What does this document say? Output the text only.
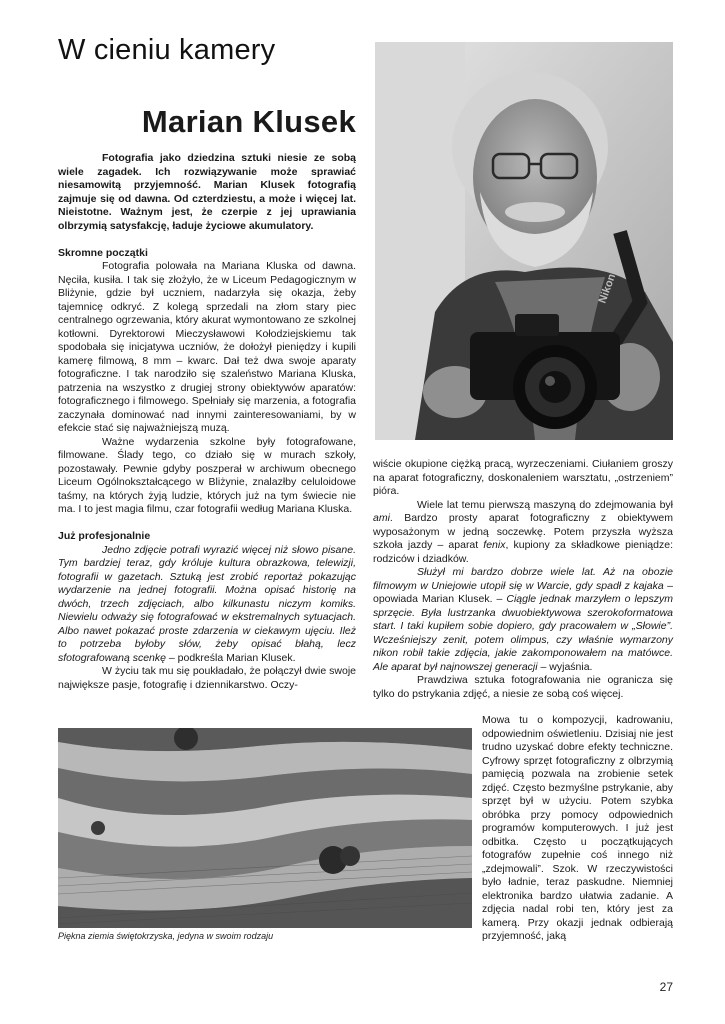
W cieniu kamery
Marian Klusek
Nikon

Fotografia jako dziedzina sztuki niesie ze sobą wiele zagadek. Ich rozwiązywanie może sprawiać niesamowitą przyjemność. Marian Klusek fotografią zajmuje się od dawna. Od czterdziestu, a może i więcej lat. Nieistotne. Ważnym jest, że czerpie z jej uprawiania olbrzymią satysfakcję, ładuje życiowe akumulatory.

Skromne początki

Fotografia polowała na Mariana Kluska od dawna. Nęciła, kusiła. I tak się złożyło, że w Liceum Pedagogicznym w Bliżynie, gdzie był uczniem, nadarzyła się okazja, żeby tajemnicę odkryć. Z kolegą sprzedali na złom stary piec centralnego ogrzewania, który akurat wymontowano ze szkolnej kotłowni. Dyrektorowi Mieczysławowi Kołodziejskiemu tak spodobała się inicjatywa uczniów, że dołożył pieniędzy i kupili kamerę filmową, 8 mm – kwarc. Dał też dwa swoje aparaty fotograficzne. I tak narodziło się szaleństwo Mariana Kluska, patrzenia na wszystko z drugiej strony obiektywów aparatów: fotograficznego i filmowego. Spełniały się marzenia, a fotografia zaczynała dominować nad innymi zainteresowaniami, by w efekcie stać się najważniejszą muzą.

Ważne wydarzenia szkolne były fotografowane, filmowane. Ślady tego, co działo się w murach szkoły, pozostawały. Pewnie gdyby poszperał w archiwum obecnego Liceum Ogólnokształcącego w Bliżynie, znalazłby celuloidowe taśmy, na których żyją ludzie, których już na tym świecie nie ma. I to jest magia filmu, czar fotografii według Mariana Kluska.

Już profesjonalnie

Jedno zdjęcie potrafi wyrazić więcej niż słowo pisane. Tym bardziej teraz, gdy króluje kultura obrazkowa, telewizji, fotografii w gazetach. Sztuką jest zrobić reportaż pokazując wydarzenie na jednej fotografii. Można opisać historię na dwóch, trzech zdjęciach, albo kilkunastu niczym komiks. Niewielu odważy się fotografować w ekstremalnych sytuacjach. Albo nawet pokazać proste zdarzenia w ciekawym ujęciu. Ileż to potrzeba byłoby słów, żeby opisać błahą, lecz sfotografowaną scenkę – podkreśla Marian Klusek.

W życiu tak mu się poukładało, że połączył dwie swoje największe pasje, fotografię i dziennikarstwo. Oczy-

wiście okupione ciężką pracą, wyrzeczeniami. Ciułaniem groszy na aparat fotograficzny, doskonaleniem warsztatu, „ostrzeniem” pióra.

Wiele lat temu pierwszą maszyną do zdejmowania był ami. Bardzo prosty aparat fotograficzny z obiektywem wyposażonym w jedną soczewkę. Potem przyszła wyższa szkoła jazdy – aparat fenix, kupiony za składkowe pieniądze: rodziców i dziadków.

Służył mi bardzo dobrze wiele lat. Aż na obozie filmowym w Uniejowie utopił się w Warcie, gdy spadł z kajaka – opowiada Marian Klusek. – Ciągle jednak marzyłem o lepszym sprzęcie. Była lustrzanka dwuobiektywowa szerokoformatowa start. I taki kupiłem sobie dopiero, gdy pracowałem w „Słowie”. Wcześniejszy zenit, potem olimpus, czy właśnie wymarzony nikon robił takie zdjęcia, jakie zakomponowałem na matówce. Ale aparat był najnowszej generacji – wyjaśnia.

Prawdziwa sztuka fotografowania nie ogranicza się tylko do pstrykania zdjęć, a niesie ze sobą coś więcej.

Mowa tu o kompozycji, kadrowaniu, odpowiednim oświetleniu. Dzisiaj nie jest trudno uzyskać dobre efekty techniczne. Cyfrowy sprzęt fotograficzny z olbrzymią pamięcią pozwala na zrobienie setek zdjęć. Często bezmyślne pstrykanie, aby sprzęt był w użyciu. Potem szybka obróbka przy pomocy odpowiednich programów komputerowych. I już jest odbitka. Często u początkujących fotografów zupełnie coś innego niż „zdejmowali”. Szok. W rzeczywistości było ładnie, teraz paskudne. Niemniej elektronika bardzo ułatwia zadanie. A zdjęcia nadal robi ten, który jest za kamerą. Przy okazji jednak odbierają przyjemność, jaką

Piękna ziemia świętokrzyska, jedyna w swoim rodzaju
27
